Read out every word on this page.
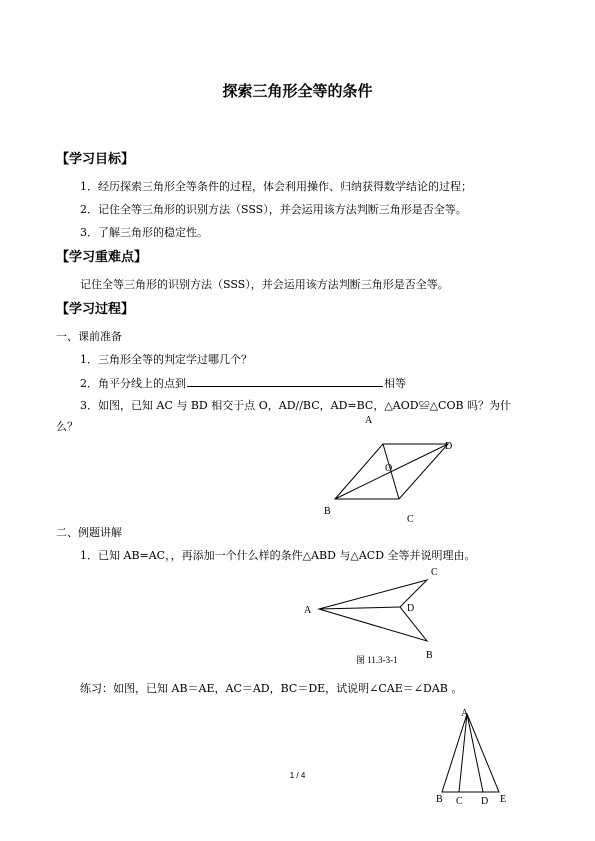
探索三角形全等的条件
【学习目标】
1．经历探索三角形全等条件的过程，体会利用操作、归纳获得数学结论的过程；
2．记住全等三角形的识别方法（SSS），并会运用该方法判断三角形是否全等。
3．了解三角形的稳定性。
【学习重难点】
记住全等三角形的识别方法（SSS），并会运用该方法判断三角形是否全等。
【学习过程】
一、课前准备
1．三角形全等的判定学过哪几个？
2．角平分线上的点到	相等
3．如图，已知 AC 与 BD 相交于点 O，AD//BC，AD=BC，△AOD≌△COB 吗？为什
么？	A
D
O
B
C
二、例题讲解
1．已知 AB=AC，，再添加一个什么样的条件△ABD 与△ACD 全等并说明理由。
A
C
D
B
图 11.3-3-1
练习：如图，已知 AB＝AE，AC＝AD，BC＝DE，试说明∠CAE＝∠DAB 。
A
B C D E
1 / 4
